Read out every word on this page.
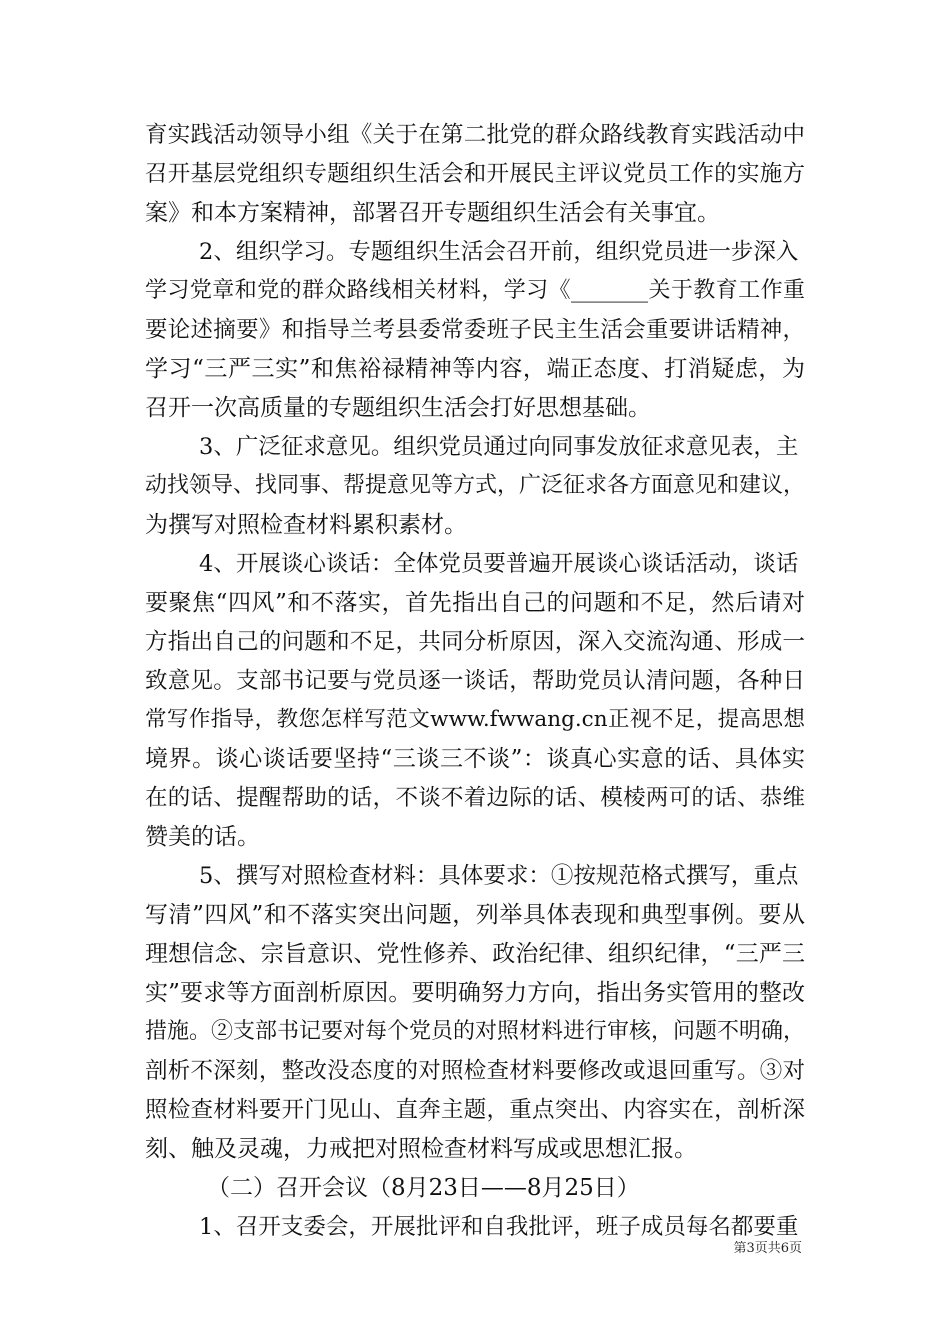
育实践活动领导小组《关于在第二批党的群众路线教育实践活动中
召开基层党组织专题组织生活会和开展民主评议党员工作的实施方
案》和本方案精神，部署召开专题组织生活会有关事宜。
2、组织学习。专题组织生活会召开前，组织党员进一步深入
学习党章和党的群众路线相关材料，学习《_______关于教育工作重
要论述摘要》和指导兰考县委常委班子民主生活会重要讲话精神，
学习“三严三实”和焦裕禄精神等内容，端正态度、打消疑虑，为
召开一次高质量的专题组织生活会打好思想基础。
3、广泛征求意见。组织党员通过向同事发放征求意见表，主
动找领导、找同事、帮提意见等方式，广泛征求各方面意见和建议，
为撰写对照检查材料累积素材。
4、开展谈心谈话：全体党员要普遍开展谈心谈话活动，谈话
要聚焦“四风”和不落实，首先指出自己的问题和不足，然后请对
方指出自己的问题和不足，共同分析原因，深入交流沟通、形成一
致意见。支部书记要与党员逐一谈话，帮助党员认清问题，各种日
常写作指导，教您怎样写范文www.fwwang.cn正视不足，提高思想
境界。谈心谈话要坚持“三谈三不谈”：谈真心实意的话、具体实
在的话、提醒帮助的话，不谈不着边际的话、模棱两可的话、恭维
赞美的话。
5、撰写对照检查材料：具体要求：①按规范格式撰写，重点
写清”四风”和不落实突出问题，列举具体表现和典型事例。要从
理想信念、宗旨意识、党性修养、政治纪律、组织纪律，“三严三
实”要求等方面剖析原因。要明确努力方向，指出务实管用的整改
措施。②支部书记要对每个党员的对照材料进行审核，问题不明确，
剖析不深刻，整改没态度的对照检查材料要修改或退回重写。③对
照检查材料要开门见山、直奔主题，重点突出、内容实在，剖析深
刻、触及灵魂，力戒把对照检查材料写成或思想汇报。
（二）召开会议（8月23日——8月25日）
1、召开支委会，开展批评和自我批评，班子成员每名都要重
第3页共6页
